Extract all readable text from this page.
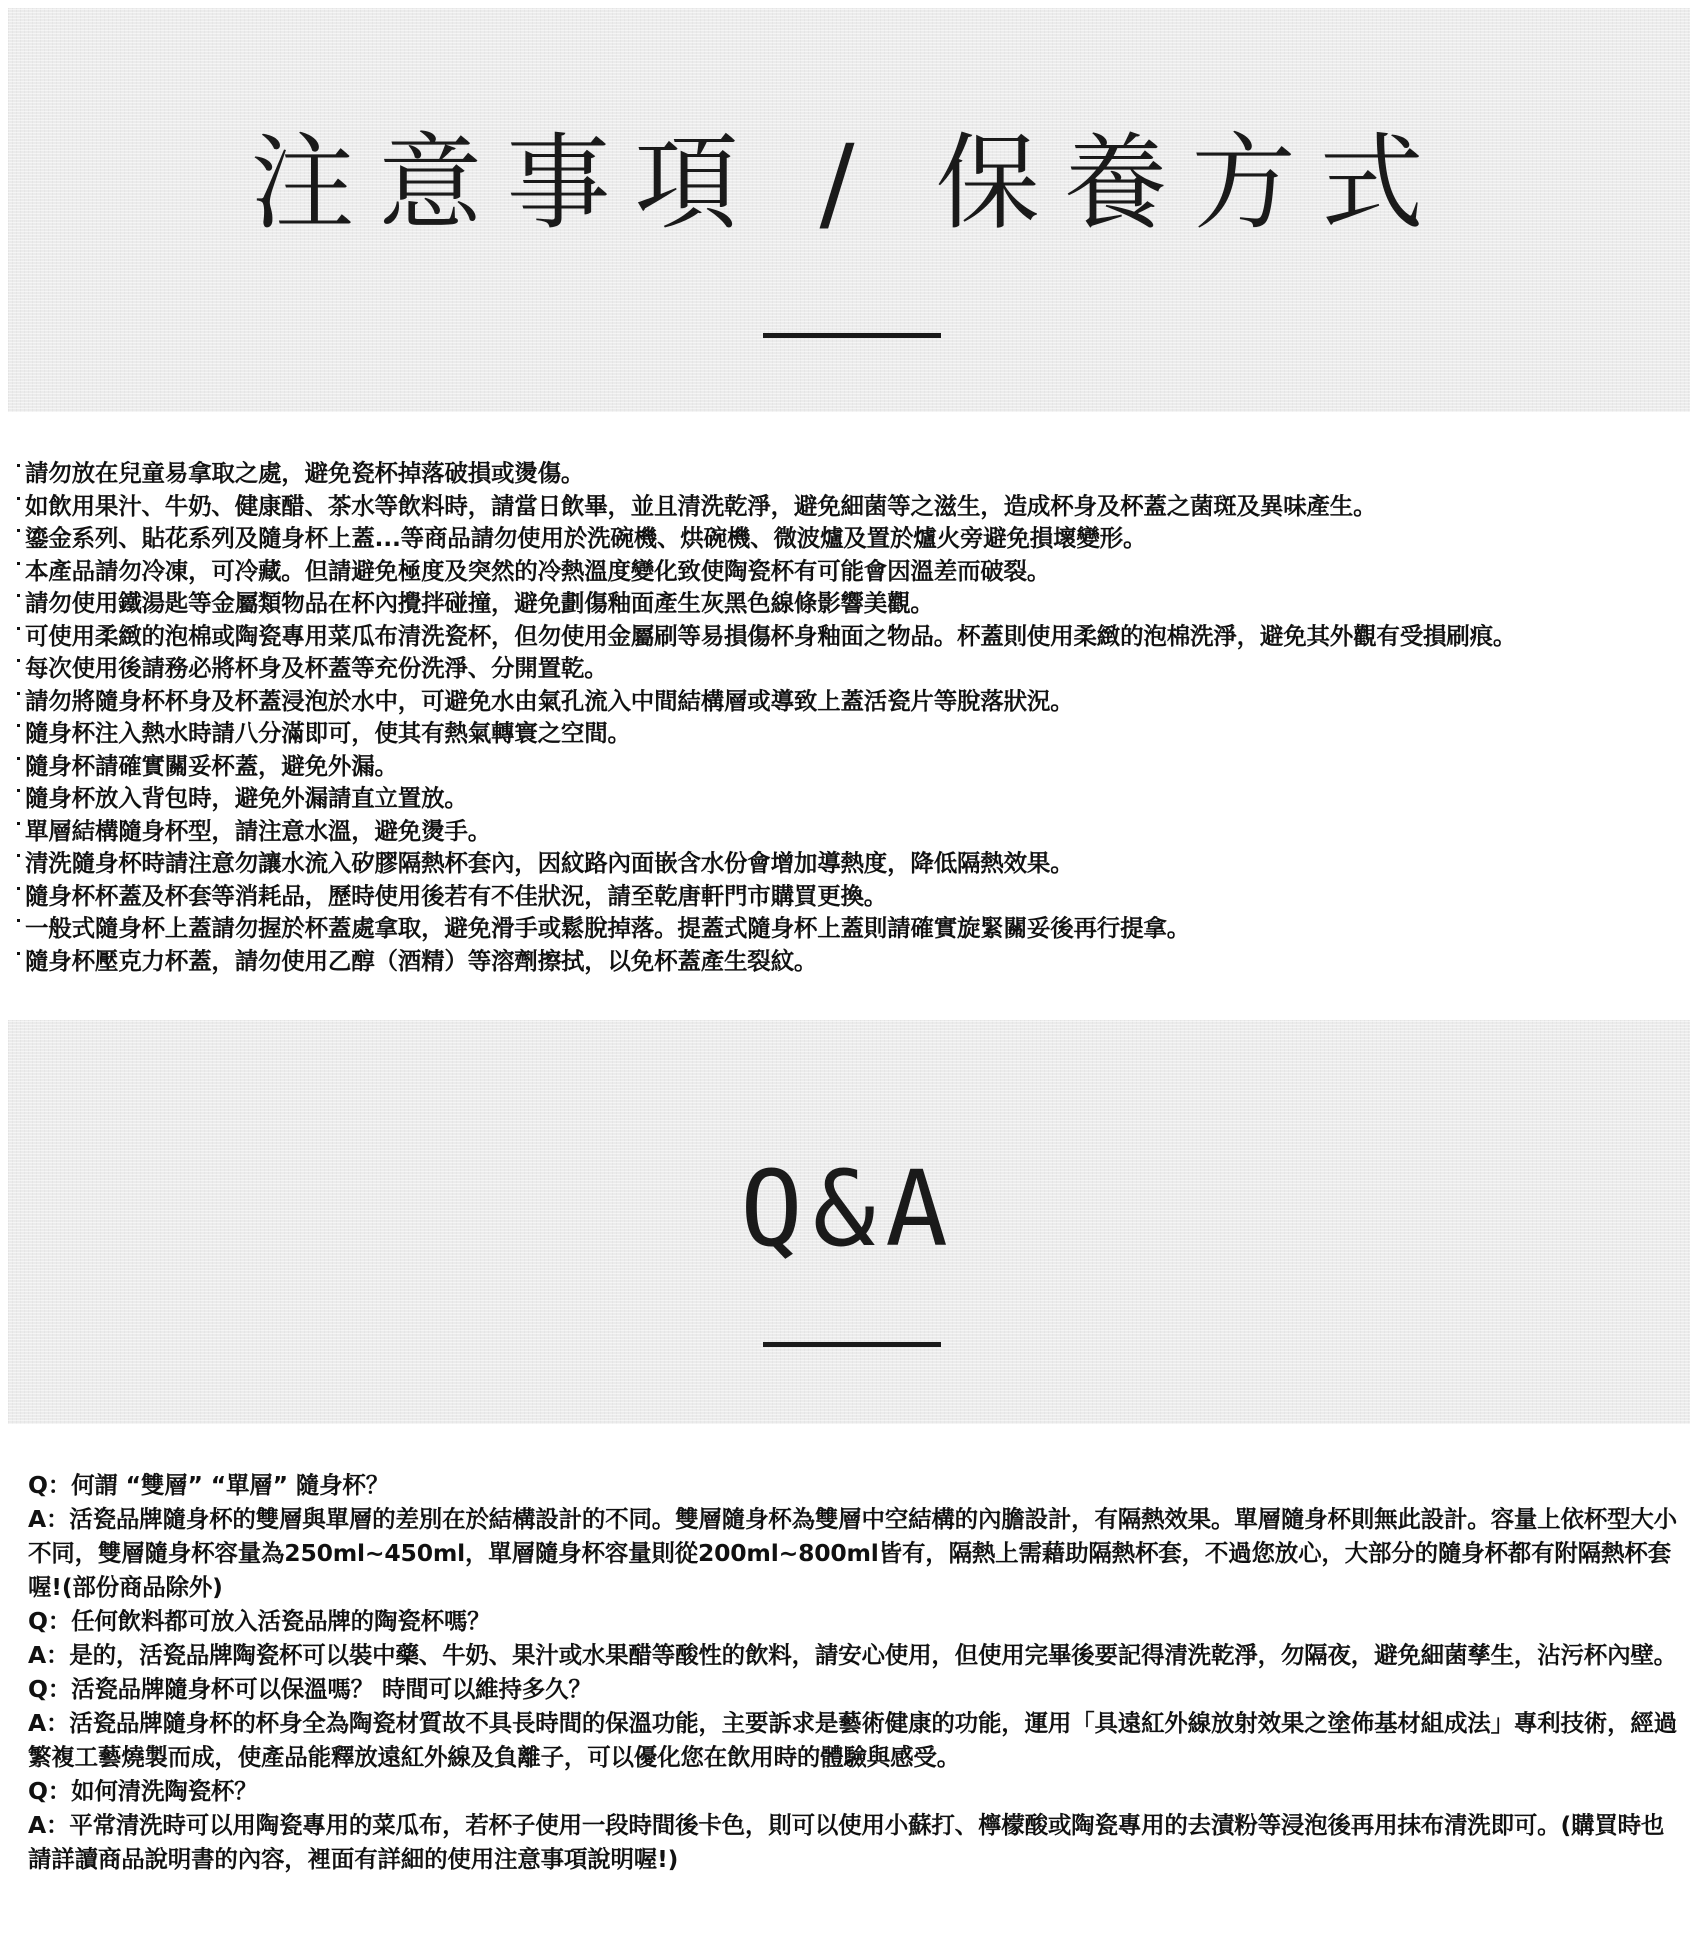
注意事項 / 保養方式
請勿放在兒童易拿取之處，避免瓷杯掉落破損或燙傷。
如飲用果汁、牛奶、健康醋、茶水等飲料時，請當日飲畢，並且清洗乾淨，避免細菌等之滋生，造成杯身及杯蓋之菌斑及異味產生。
鎏金系列、貼花系列及隨身杯上蓋...等商品請勿使用於洗碗機、烘碗機、微波爐及置於爐火旁避免損壞變形。
本產品請勿冷凍，可冷藏。但請避免極度及突然的冷熱溫度變化致使陶瓷杯有可能會因溫差而破裂。
請勿使用鐵湯匙等金屬類物品在杯內攪拌碰撞，避免劃傷釉面產生灰黑色線條影響美觀。
可使用柔緻的泡棉或陶瓷專用菜瓜布清洗瓷杯，但勿使用金屬刷等易損傷杯身釉面之物品。杯蓋則使用柔緻的泡棉洗淨，避免其外觀有受損刷痕。
每次使用後請務必將杯身及杯蓋等充份洗淨、分開置乾。
請勿將隨身杯杯身及杯蓋浸泡於水中，可避免水由氣孔流入中間結構層或導致上蓋活瓷片等脫落狀況。
隨身杯注入熱水時請八分滿即可，使其有熱氣轉寰之空間。
隨身杯請確實關妥杯蓋，避免外漏。
隨身杯放入背包時，避免外漏請直立置放。
單層結構隨身杯型，請注意水溫，避免燙手。
清洗隨身杯時請注意勿讓水流入矽膠隔熱杯套內，因紋路內面嵌含水份會增加導熱度，降低隔熱效果。
隨身杯杯蓋及杯套等消耗品，歷時使用後若有不佳狀況，請至乾唐軒門市購買更換。
一般式隨身杯上蓋請勿握於杯蓋處拿取，避免滑手或鬆脫掉落。提蓋式隨身杯上蓋則請確實旋緊關妥後再行提拿。
隨身杯壓克力杯蓋，請勿使用乙醇（酒精）等溶劑擦拭，以免杯蓋產生裂紋。
Q&A

Q：何謂 “雙層” “單層” 隨身杯？

A：活瓷品牌隨身杯的雙層與單層的差別在於結構設計的不同。雙層隨身杯為雙層中空結構的內膽設計，有隔熱效果。單層隨身杯則無此設計。容量上依杯型大小不同，雙層隨身杯容量為250ml~450ml，單層隨身杯容量則從200ml~800ml皆有，隔熱上需藉助隔熱杯套，不過您放心，大部分的隨身杯都有附隔熱杯套喔!(部份商品除外)

Q：任何飲料都可放入活瓷品牌的陶瓷杯嗎？

A：是的，活瓷品牌陶瓷杯可以裝中藥、牛奶、果汁或水果醋等酸性的飲料，請安心使用，但使用完畢後要記得清洗乾淨，勿隔夜，避免細菌孳生，沾污杯內壁。

Q：活瓷品牌隨身杯可以保溫嗎？ 時間可以維持多久？

A：活瓷品牌隨身杯的杯身全為陶瓷材質故不具長時間的保溫功能，主要訴求是藝術健康的功能，運用「具遠紅外線放射效果之塗佈基材組成法」專利技術，經過繁複工藝燒製而成，使產品能釋放遠紅外線及負離子，可以優化您在飲用時的體驗與感受。

Q：如何清洗陶瓷杯？

A：平常清洗時可以用陶瓷專用的菜瓜布，若杯子使用一段時間後卡色，則可以使用小蘇打、檸檬酸或陶瓷專用的去漬粉等浸泡後再用抹布清洗即可。(購買時也請詳讀商品說明書的內容，裡面有詳細的使用注意事項說明喔!)
